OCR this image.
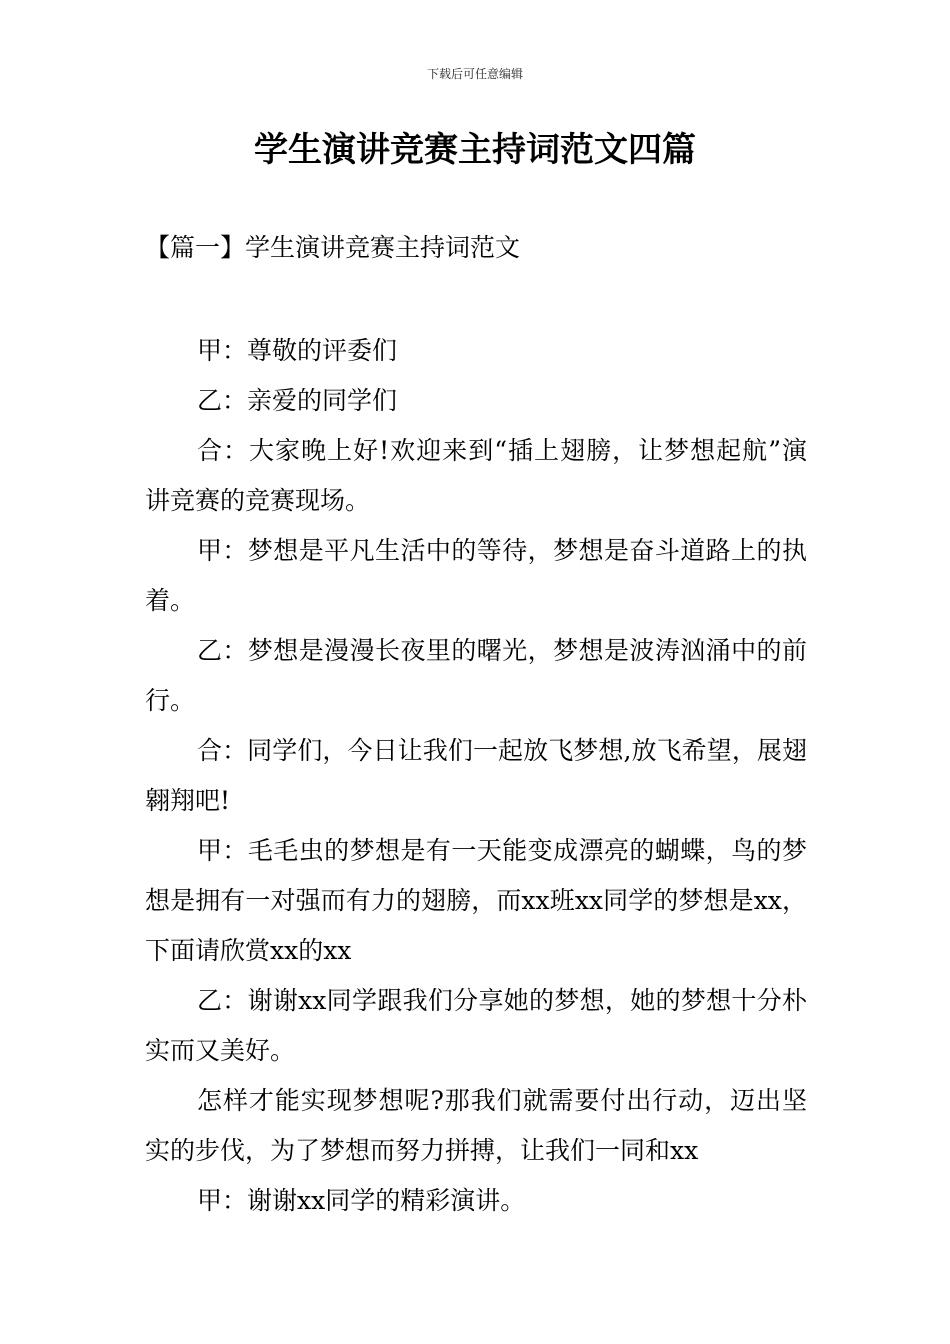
下载后可任意编辑
学生演讲竞赛主持词范文四篇
【篇一】学生演讲竞赛主持词范文

甲：尊敬的评委们

乙：亲爱的同学们

合：大家晚上好!欢迎来到“插上翅膀，让梦想起航”演讲竞赛的竞赛现场。

甲：梦想是平凡生活中的等待，梦想是奋斗道路上的执着。

乙：梦想是漫漫长夜里的曙光，梦想是波涛汹涌中的前行。

合：同学们，今日让我们一起放飞梦想,放飞希望，展翅翱翔吧!

甲：毛毛虫的梦想是有一天能变成漂亮的蝴蝶，鸟的梦想是拥有一对强而有力的翅膀，而xx班xx同学的梦想是xx，下面请欣赏xx的xx

乙：谢谢xx同学跟我们分享她的梦想，她的梦想十分朴实而又美好。

怎样才能实现梦想呢?那我们就需要付出行动，迈出坚实的步伐，为了梦想而努力拼搏，让我们一同和xx

甲：谢谢xx同学的精彩演讲。
